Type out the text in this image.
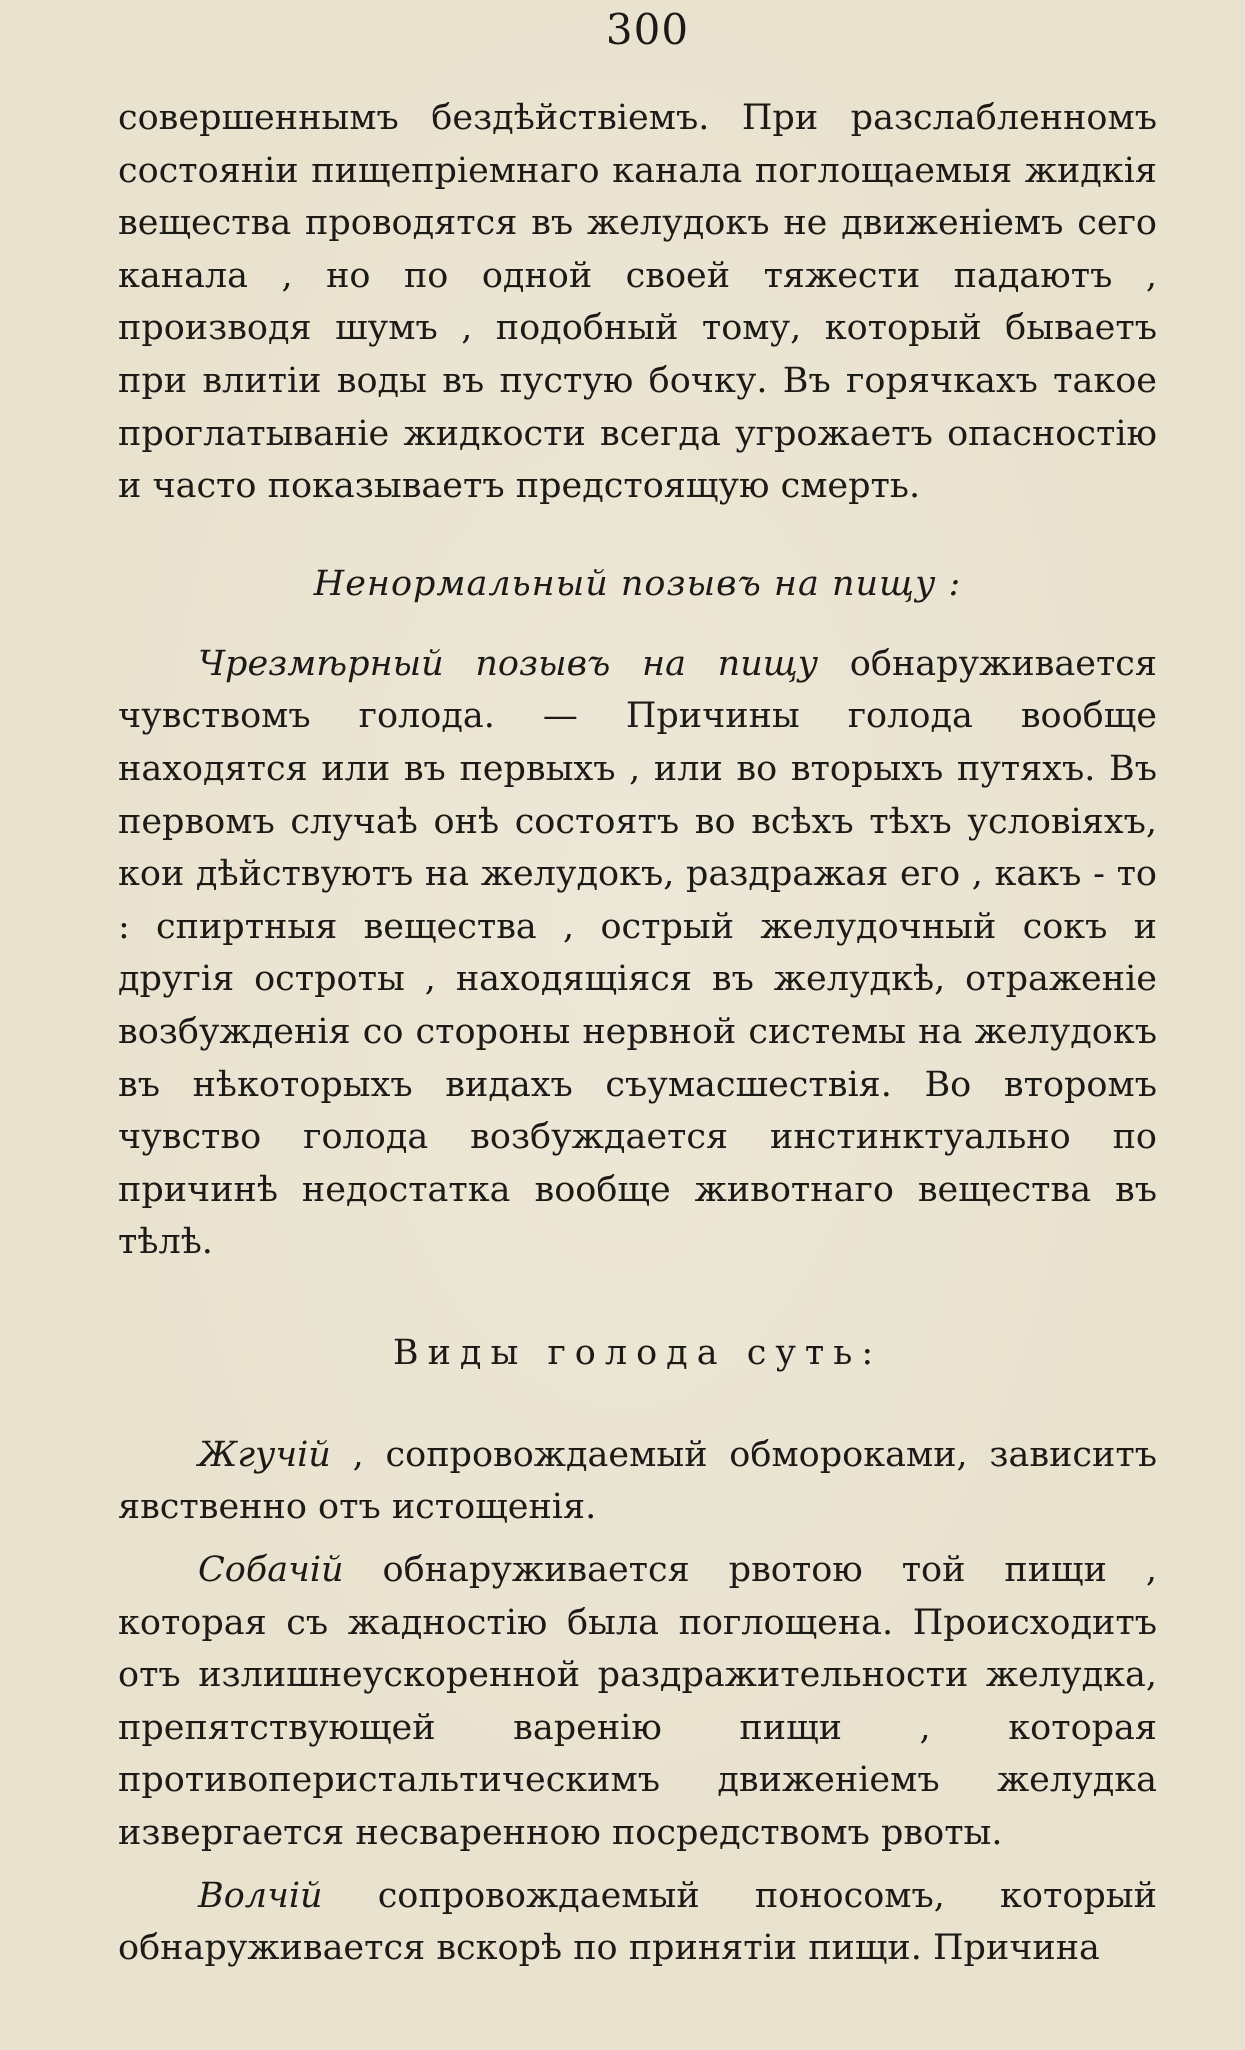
300

совершеннымъ бездѣйствіемъ. При разслабленномъ состояніи пищепріемнаго канала поглощаемыя жидкія вещества проводятся въ желудокъ не движеніемъ сего канала , но по одной своей тяжести падаютъ , производя шумъ , подобный тому, который бываетъ при влитіи воды въ пустую бочку. Въ горячкахъ такое проглатываніе жидкости всегда угрожаетъ опасностію и часто показываетъ предстоящую смерть.

Ненормальный позывъ на пищу :

Чрезмѣрный позывъ на пищу обнаруживается чувствомъ голода. — Причины голода вообще находятся или въ первыхъ , или во вторыхъ путяхъ. Въ первомъ случаѣ онѣ состоятъ во всѣхъ тѣхъ условіяхъ, кои дѣйствуютъ на желудокъ, раздражая его , какъ - то : спиртныя вещества , острый желудочный сокъ и другія остроты , находящіяся въ желудкѣ, отраженіе возбужденія со стороны нервной системы на желудокъ въ нѣкоторыхъ видахъ съумасшествія. Во второмъ чувство голода возбуждается инстинктуально по причинѣ недостатка вообще животнаго вещества въ тѣлѣ.

Виды голода суть:

Жгучій , сопровождаемый обмороками, зависитъ явственно отъ истощенія.

Собачій обнаруживается рвотою той пищи , которая съ жадностію была поглощена. Происходитъ отъ излишнеускоренной раздражительности желудка, препятствующей варенію пищи , которая противоперистальтическимъ движеніемъ желудка извергается несваренною посредствомъ рвоты.

Волчій сопровождаемый поносомъ, который обнаруживается вскорѣ по принятіи пищи. Причина
